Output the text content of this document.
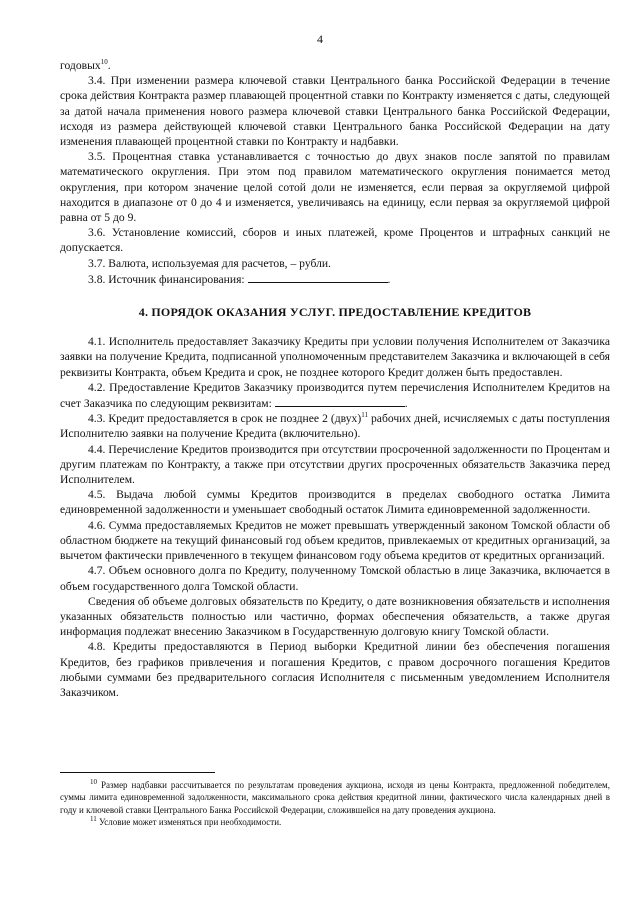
4

годовых$^{10}$.

3.4. При изменении размера ключевой ставки Центрального банка Российской Федерации в течение срока действия Контракта размер плавающей процентной ставки по Контракту изменяется с даты, следующей за датой начала применения нового размера ключевой ставки Центрального банка Российской Федерации, исходя из размера действующей ключевой ставки Центрального банка Российской Федерации на дату изменения плавающей процентной ставки по Контракту и надбавки.

3.5. Процентная ставка устанавливается с точностью до двух знаков после запятой по правилам математического округления. При этом под правилом математического округления понимается метод округления, при котором значение целой сотой доли не изменяется, если первая за округляемой цифрой находится в диапазоне от 0 до 4 и изменяется, увеличиваясь на единицу, если первая за округляемой цифрой равна от 5 до 9.

3.6. Установление комиссий, сборов и иных платежей, кроме Процентов и штрафных санкций не допускается.

3.7. Валюта, используемая для расчетов, – рубли.

3.8. Источник финансирования:	.

4. ПОРЯДОК ОКАЗАНИЯ УСЛУГ. ПРЕДОСТАВЛЕНИЕ КРЕДИТОВ

4.1. Исполнитель предоставляет Заказчику Кредиты при условии получения Исполнителем от Заказчика заявки на получение Кредита, подписанной уполномоченным представителем Заказчика и включающей в себя реквизиты Контракта, объем Кредита и срок, не позднее которого Кредит должен быть предоставлен.

4.2. Предоставление Кредитов Заказчику производится путем перечисления Исполнителем Кредитов на счет Заказчика по следующим реквизитам:	.

4.3. Кредит предоставляется в срок не позднее 2 (двух)$^{11}$ рабочих дней, исчисляемых с даты поступления Исполнителю заявки на получение Кредита (включительно).

4.4. Перечисление Кредитов производится при отсутствии просроченной задолженности по Процентам и другим платежам по Контракту, а также при отсутствии других просроченных обязательств Заказчика перед Исполнителем.

4.5. Выдача любой суммы Кредитов производится в пределах свободного остатка Лимита единовременной задолженности и уменьшает свободный остаток Лимита единовременной задолженности.

4.6. Сумма предоставляемых Кредитов не может превышать утвержденный законом Томской области об областном бюджете на текущий финансовый год объем кредитов, привлекаемых от кредитных организаций, за вычетом фактически привлеченного в текущем финансовом году объема кредитов от кредитных организаций.

4.7. Объем основного долга по Кредиту, полученному Томской областью в лице Заказчика, включается в объем государственного долга Томской области.

Сведения об объеме долговых обязательств по Кредиту, о дате возникновения обязательств и исполнения указанных обязательств полностью или частично, формах обеспечения обязательств, а также другая информация подлежат внесению Заказчиком в Государственную долговую книгу Томской области.

4.8. Кредиты предоставляются в Период выборки Кредитной линии без обеспечения погашения Кредитов, без графиков привлечения и погашения Кредитов, с правом досрочного погашения Кредитов любыми суммами без предварительного согласия Исполнителя с письменным уведомлением Исполнителя Заказчиком.

$^{10}$ Размер надбавки рассчитывается по результатам проведения аукциона, исходя из цены Контракта, предложенной победителем, суммы лимита единовременной задолженности, максимального срока действия кредитной линии, фактического числа календарных дней в году и ключевой ставки Центрального Банка Российской Федерации, сложившейся на дату проведения аукциона.

$^{11}$ Условие может изменяться при необходимости.
